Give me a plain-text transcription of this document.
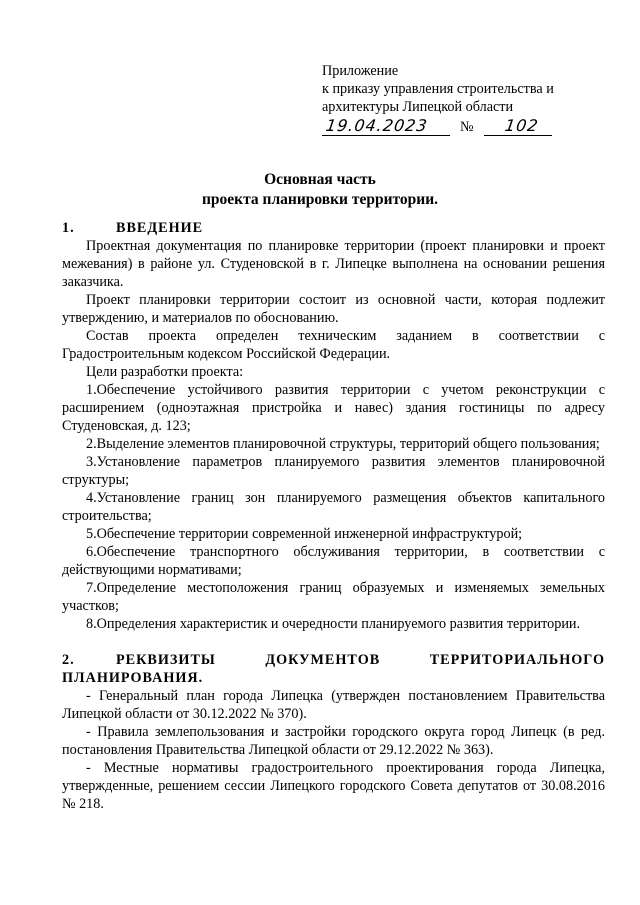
Приложение
к приказу управления строительства и
архитектуры Липецкой области
19.04.2023 № 102
Основная часть
проекта планировки территории.
1.	ВВЕДЕНИЕ
Проектная документация по планировке территории (проект планировки и проект межевания) в районе ул. Студеновской в г. Липецке выполнена на основании решения заказчика.
Проект планировки территории состоит из основной части, которая подлежит утверждению, и материалов по обоснованию.
Состав проекта определен техническим заданием в соответствии с Градостроительным кодексом Российской Федерации.
Цели разработки проекта:
1.Обеспечение устойчивого развития территории с учетом реконструкции с расширением (одноэтажная пристройка и навес) здания гостиницы по адресу Студеновская, д. 123;
2.Выделение элементов планировочной структуры, территорий общего пользования;
3.Установление параметров планируемого развития элементов планировочной структуры;
4.Установление границ зон планируемого размещения объектов капитального строительства;
5.Обеспечение территории современной инженерной инфраструктурой;
6.Обеспечение транспортного обслуживания территории, в соответствии с действующими нормативами;
7.Определение местоположения границ образуемых и изменяемых земельных участков;
8.Определения характеристик и очередности планируемого развития территории.
2.	РЕКВИЗИТЫ ДОКУМЕНТОВ ТЕРРИТОРИАЛЬНОГО ПЛАНИРОВАНИЯ.
- Генеральный план города Липецка (утвержден постановлением Правительства Липецкой области от 30.12.2022 № 370).
- Правила землепользования и застройки городского округа город Липецк (в ред. постановления Правительства Липецкой области от 29.12.2022 № 363).
- Местные нормативы градостроительного проектирования города Липецка, утвержденные, решением сессии Липецкого городского Совета депутатов от 30.08.2016 № 218.
